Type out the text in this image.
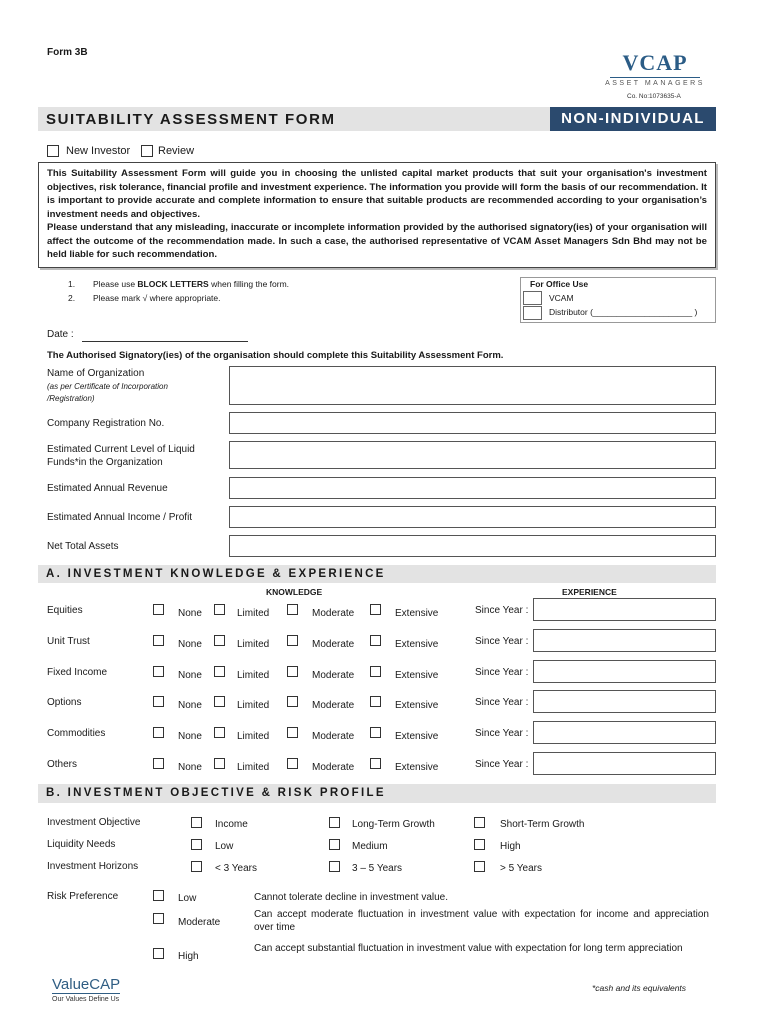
Form 3B	VCAP
ASSET MANAGERS
Co. No:1073635-A
SUITABILITY ASSESSMENT FORM	NON-INDIVIDUAL
New Investor	Review

This Suitability Assessment Form will guide you in choosing the unlisted capital market products that suit your organisation's investment objectives, risk tolerance, financial profile and investment experience. The information you provide will form the basis of our recommendation. It is important to provide accurate and complete information to ensure that suitable products are recommended according to your organisation’s investment needs and objectives.

Please understand that any misleading, inaccurate or incomplete information provided by the authorised signatory(ies) of your organisation will affect the outcome of the recommendation made. In such a case, the authorised representative of VCAM Asset Managers Sdn Bhd may not be held liable for such recommendation.

1. Please use BLOCK LETTERS when filling the form.
2. Please mark √ where appropriate.
For Office Use
VCAM
Distributor (_____________________ )
Date :
The Authorised Signatory(ies) of the organisation should complete this Suitability Assessment Form.
Name of Organization
(as per Certificate of Incorporation
/Registration)
Company Registration No.
Estimated Current Level of Liquid
Funds*in the Organization
Estimated Annual Revenue
Estimated Annual Income / Profit
Net Total Assets
A. INVESTMENT KNOWLEDGE & EXPERIENCE
KNOWLEDGE	EXPERIENCE
Equities	None	Limited	Moderate	Extensive	Since Year :
Unit Trust	None	Limited	Moderate	Extensive	Since Year :
Fixed Income	None	Limited	Moderate	Extensive	Since Year :
Options	None	Limited	Moderate	Extensive	Since Year :
Commodities	None	Limited	Moderate	Extensive	Since Year :
Others	None	Limited	Moderate	Extensive	Since Year :
B. INVESTMENT OBJECTIVE & RISK PROFILE
Investment Objective	Income	Long-Term Growth	Short-Term Growth
Liquidity Needs	Low	Medium	High
Investment Horizons	< 3 Years	3 – 5 Years	> 5 Years
Risk Preference	Low	Cannot tolerate decline in investment value.
Moderate
Can accept moderate fluctuation in investment value with expectation for income and appreciation over time
High
Can accept substantial fluctuation in investment value with expectation for long term appreciation
ValueCAP
Our Values Define Us
*cash and its equivalents
